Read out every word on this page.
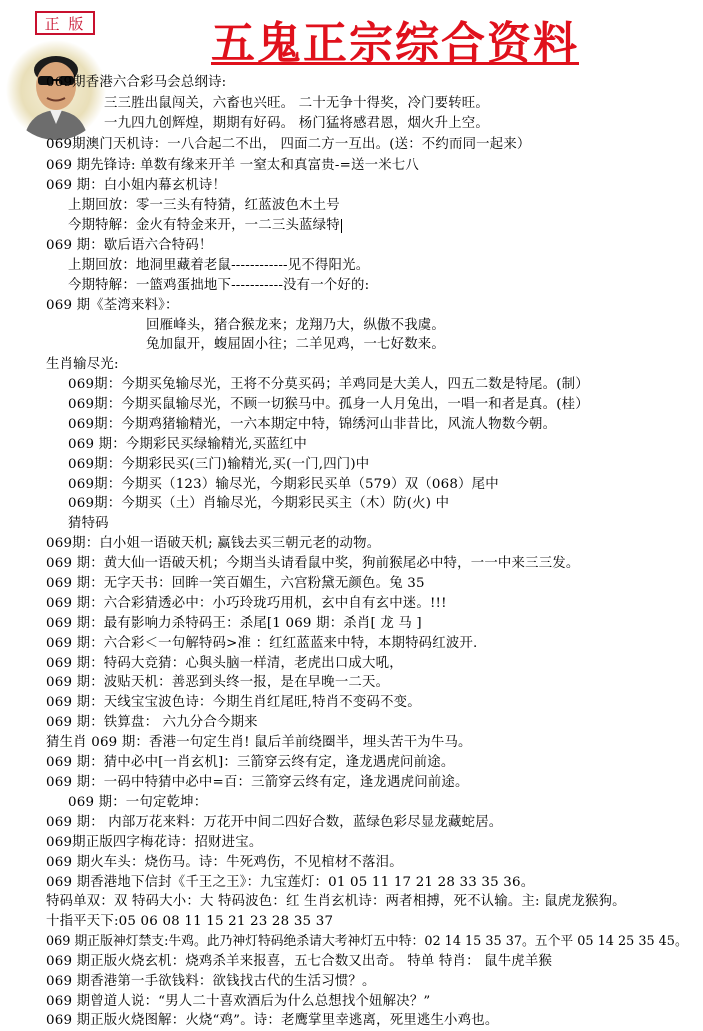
正 版	五鬼正宗综合资料
069期香港六合彩马会总纲诗:
三三胜出鼠闯关，六畜也兴旺。 二十无争十得奖，冷门要转旺。
一九四九创辉煌，期期有好码。 杨门猛将感君恩，烟火升上空。
069期澳门天机诗：一八合起二不出， 四面二方一互出。(送：不约而同一起来）
069 期先锋诗: 单数有缘来开羊 一窒太和真富贵-=送一米七八
069 期：白小姐内幕玄机诗！
上期回放：零一三头有特猜，红蓝波色木土号
今期特解：金火有特金来开，一二三头蓝绿特
069 期：歇后语六合特码！
上期回放：地洞里藏着老鼠------------见不得阳光。
今期特解：一篮鸡蛋拙地下-----------没有一个好的:
069 期《荃湾来料》：
回雁峰头，猪合猴龙来；龙翔乃大，纵傲不我虞。
兔加鼠开，蝮屈固小往；二羊见鸡，一七好数来。
生肖输尽光:
069期：今期买兔输尽光，王将不分莫买码；羊鸡同是大美人，四五二数是特尾。(制）
069期：今期买鼠输尽光，不顾一切猴马中。孤身一人月兔出，一唱一和者是真。(桂）
069期：今期鸡猪输精光，一六本期定中特，锦绣河山非昔比，风流人物数今朝。
069 期：今期彩民买绿输精光,买蓝红中
069期：今期彩民买(三门)输精光,买(一门,四门)中
069期：今期买（123）输尽光，今期彩民买单（579）双（068）尾中
069期：今期买（土）肖输尽光，今期彩民买主（木）防(火) 中
猜特码
069期：白小姐一语破天机; 赢钱去买三朝元老的动物。
069 期：黄大仙一语破天机；今期当头请看鼠中奖，狗前猴尾必中特，一一中来三三发。
069 期：无字天书：回眸一笑百媚生，六宫粉黛无颜色。兔 35
069 期：六合彩猜透必中：小巧玲珑巧用机，玄中自有玄中迷。!!!
069 期：最有影响力杀特码王：杀尾[1 069 期：杀肖[ 龙 马 ]
069 期：六合彩＜一句解特码>准 ：红红蓝蓝来中特，本期特码红波开.
069 期：特码大竞猜：心與头脑一样清，老虎出口成大吼，
069 期：波贴天机：善恶到头终一报，是在早晚一二天。
069 期：天线宝宝波色诗：今期生肖红尾旺,特肖不变码不变。
069 期：铁算盘： 六九分合今期来
猜生肖 069 期：香港一句定生肖! 鼠后羊前绕圈半，埋头苦干为牛马。
069 期：猜中必中[一肖玄机]：三箭穿云终有定，逢龙遇虎问前途。
069 期：一码中特猜中必中=百：三箭穿云终有定，逢龙遇虎问前途。
069 期：一句定乾坤：
069 期： 内部万花来料：万花开中间二四好合数，蓝绿色彩尽显龙藏蛇居。
069期正版四字梅花诗：招财进宝。
069 期火车头：烧伤马。诗：牛死鸡伤，不见棺材不落泪。
069 期香港地下信封《千王之王》：九宝莲灯：01 05 11 17 21 28 33 35 36。
特码单双：双 特码大小：大 特码波色：红 生肖玄机诗：两者相搏，死不认输。主: 鼠虎龙猴狗。
十指平天下:05 06 08 11 15 21 23 28 35 37
069 期正版神灯禁支:牛鸡。此乃神灯特码绝杀请大考神灯五中特：02 14 15 35 37。五个平 05 14 25 35 45。
069 期正版火烧玄机：烧鸡杀羊来报喜，五七合数又出奇。 特单 特肖： 鼠牛虎羊猴
069 期香港第一手欲钱料：欲钱找古代的生活习惯？。
069 期曾道人说：“男人二十喜欢酒后为什么总想找个妞解决？”
069 期正版火烧图解：火烧“鸡”。诗：老鹰掌里幸逃离，死里逃生小鸡也。
